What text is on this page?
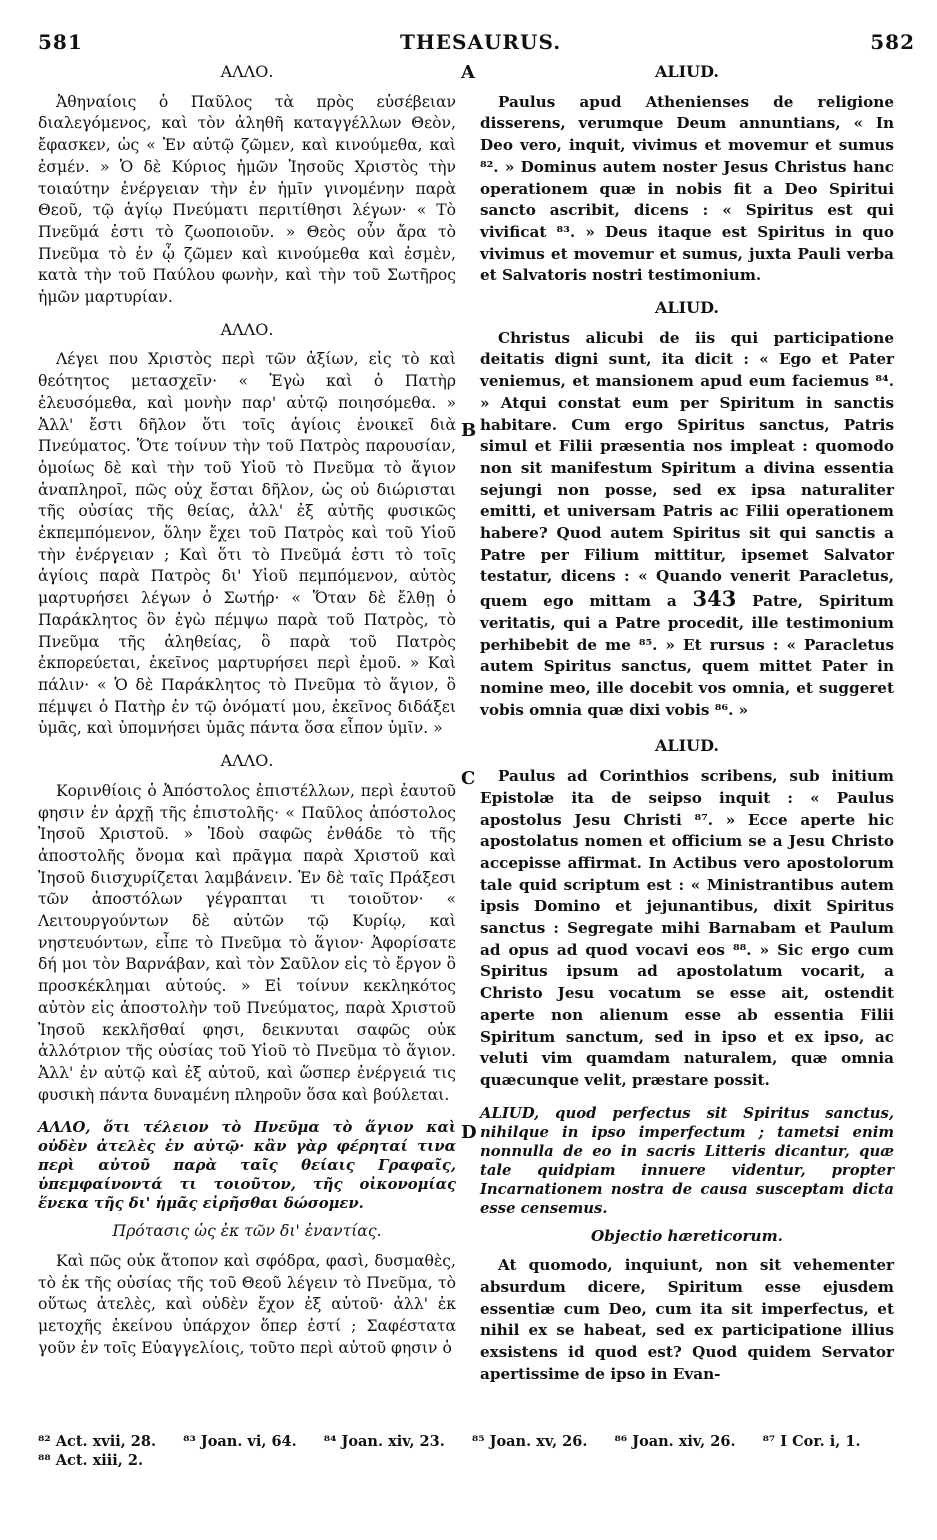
581	THESAURUS.	582
A
B
C
D
ΑΛΛΟ.

Ἀθηναίοις ὁ Παῦλος τὰ πρὸς εὐσέβειαν διαλεγόμενος, καὶ τὸν ἀληθῆ καταγγέλλων Θεὸν, ἔφασκεν, ὡς « Ἐν αὐτῷ ζῶμεν, καὶ κινούμεθα, καὶ ἐσμέν. » Ὁ δὲ Κύριος ἡμῶν Ἰησοῦς Χριστὸς τὴν τοιαύτην ἐνέργειαν τὴν ἐν ἡμῖν γινομένην παρὰ Θεοῦ, τῷ ἁγίῳ Πνεύματι περιτίθησι λέγων· « Τὸ Πνεῦμά ἐστι τὸ ζωοποιοῦν. » Θεὸς οὖν ἄρα τὸ Πνεῦμα τὸ ἐν ᾧ ζῶμεν καὶ κινούμεθα καὶ ἐσμὲν, κατὰ τὴν τοῦ Παύλου φωνὴν, καὶ τὴν τοῦ Σωτῆρος ἡμῶν μαρτυρίαν.

ΑΛΛΟ.

Λέγει που Χριστὸς περὶ τῶν ἀξίων, εἰς τὸ καὶ θεότητος μετασχεῖν· « Ἐγὼ καὶ ὁ Πατὴρ ἐλευσόμεθα, καὶ μονὴν παρ' αὐτῷ ποιησόμεθα. » Ἀλλ' ἔστι δῆλον ὅτι τοῖς ἁγίοις ἐνοικεῖ διὰ Πνεύματος. Ὅτε τοίνυν τὴν τοῦ Πατρὸς παρουσίαν, ὁμοίως δὲ καὶ τὴν τοῦ Υἱοῦ τὸ Πνεῦμα τὸ ἅγιον ἀναπληροῖ, πῶς οὐχ ἔσται δῆλον, ὡς οὐ διώρισται τῆς οὐσίας τῆς θείας, ἀλλ' ἐξ αὐτῆς φυσικῶς ἐκπεμπόμενον, ὅλην ἔχει τοῦ Πατρὸς καὶ τοῦ Υἱοῦ τὴν ἐνέργειαν ; Καὶ ὅτι τὸ Πνεῦμά ἐστι τὸ τοῖς ἁγίοις παρὰ Πατρὸς δι' Υἱοῦ πεμπόμενον, αὐτὸς μαρτυρήσει λέγων ὁ Σωτήρ· « Ὅταν δὲ ἔλθῃ ὁ Παράκλητος ὃν ἐγὼ πέμψω παρὰ τοῦ Πατρὸς, τὸ Πνεῦμα τῆς ἀληθείας, ὃ παρὰ τοῦ Πατρὸς ἐκπορεύεται, ἐκεῖνος μαρτυρήσει περὶ ἐμοῦ. » Καὶ πάλιν· « Ὁ δὲ Παράκλητος τὸ Πνεῦμα τὸ ἅγιον, ὃ πέμψει ὁ Πατὴρ ἐν τῷ ὀνόματί μου, ἐκεῖνος διδάξει ὑμᾶς, καὶ ὑπομνήσει ὑμᾶς πάντα ὅσα εἶπον ὑμῖν. »

ΑΛΛΟ.

Κορινθίοις ὁ Ἀπόστολος ἐπιστέλλων, περὶ ἑαυτοῦ φησιν ἐν ἀρχῇ τῆς ἐπιστολῆς· « Παῦλος ἀπόστολος Ἰησοῦ Χριστοῦ. » Ἰδοὺ σαφῶς ἐνθάδε τὸ τῆς ἀποστολῆς ὄνομα καὶ πρᾶγμα παρὰ Χριστοῦ καὶ Ἰησοῦ διισχυρίζεται λαμβάνειν. Ἐν δὲ ταῖς Πράξεσι τῶν ἀποστόλων γέγραπται τι τοιοῦτον· « Λειτουργούντων δὲ αὐτῶν τῷ Κυρίῳ, καὶ νηστευόντων, εἶπε τὸ Πνεῦμα τὸ ἅγιον· Ἀφορίσατε δή μοι τὸν Βαρνάβαν, καὶ τὸν Σαῦλον εἰς τὸ ἔργον ὃ προσκέκλημαι αὐτούς. » Εἰ τοίνυν κεκληκότος αὐτὸν εἰς ἀποστολὴν τοῦ Πνεύματος, παρὰ Χριστοῦ Ἰησοῦ κεκλῆσθαί φησι, δεικνυται σαφῶς οὐκ ἀλλότριον τῆς οὐσίας τοῦ Υἱοῦ τὸ Πνεῦμα τὸ ἅγιον. Ἀλλ' ἐν αὐτῷ καὶ ἐξ αὐτοῦ, καὶ ὥσπερ ἐνέργειά τις φυσικὴ πάντα δυναμένη πληροῦν ὅσα καὶ βούλεται.

ΑΛΛΟ, ὅτι τέλειον τὸ Πνεῦμα τὸ ἅγιον καὶ οὐδὲν ἀτελὲς ἐν αὐτῷ· κἂν γὰρ φέρηταί τινα περὶ αὐτοῦ παρὰ ταῖς θείαις Γραφαῖς, ὑπεμφαίνοντά τι τοιοῦτον, τῆς οἰκονομίας ἕνεκα τῆς δι' ἡμᾶς εἰρῆσθαι δώσομεν.

Πρότασις ὡς ἐκ τῶν δι' ἐναντίας.

Καὶ πῶς οὐκ ἄτοπον καὶ σφόδρα, φασὶ, δυσμαθὲς, τὸ ἐκ τῆς οὐσίας τῆς τοῦ Θεοῦ λέγειν τὸ Πνεῦμα, τὸ οὕτως ἀτελὲς, καὶ οὐδὲν ἔχον ἐξ αὐτοῦ· ἀλλ' ἐκ μετοχῆς ἐκείνου ὑπάρχον ὅπερ ἐστί ; Σαφέστατα γοῦν ἐν τοῖς Εὐαγγελίοις, τοῦτο περὶ αὐτοῦ φησιν ὁ

ALIUD.

Paulus apud Athenienses de religione disserens, verumque Deum annuntians, « In Deo vero, inquit, vivimus et movemur et sumus ⁸². » Dominus autem noster Jesus Christus hanc operationem quæ in nobis fit a Deo Spiritui sancto ascribit, dicens : « Spiritus est qui vivificat ⁸³. » Deus itaque est Spiritus in quo vivimus et movemur et sumus, juxta Pauli verba et Salvatoris nostri testimonium.

ALIUD.

Christus alicubi de iis qui participatione deitatis digni sunt, ita dicit : « Ego et Pater veniemus, et mansionem apud eum faciemus ⁸⁴. » Atqui constat eum per Spiritum in sanctis habitare. Cum ergo Spiritus sanctus, Patris simul et Filii præsentia nos impleat : quomodo non sit manifestum Spiritum a divina essentia sejungi non posse, sed ex ipsa naturaliter emitti, et universam Patris ac Filii operationem habere? Quod autem Spiritus sit qui sanctis a Patre per Filium mittitur, ipsemet Salvator testatur, dicens : « Quando venerit Paracletus, quem ego mittam a 343 Patre, Spiritum veritatis, qui a Patre procedit, ille testimonium perhibebit de me ⁸⁵. » Et rursus : « Paracletus autem Spiritus sanctus, quem mittet Pater in nomine meo, ille docebit vos omnia, et suggeret vobis omnia quæ dixi vobis ⁸⁶. »

ALIUD.

Paulus ad Corinthios scribens, sub initium Epistolæ ita de seipso inquit : « Paulus apostolus Jesu Christi ⁸⁷. » Ecce aperte hic apostolatus nomen et officium se a Jesu Christo accepisse affirmat. In Actibus vero apostolorum tale quid scriptum est : « Ministrantibus autem ipsis Domino et jejunantibus, dixit Spiritus sanctus : Segregate mihi Barnabam et Paulum ad opus ad quod vocavi eos ⁸⁸. » Sic ergo cum Spiritus ipsum ad apostolatum vocarit, a Christo Jesu vocatum se esse ait, ostendit aperte non alienum esse ab essentia Filii Spiritum sanctum, sed in ipso et ex ipso, ac veluti vim quamdam naturalem, quæ omnia quæcunque velit, præstare possit.

ALIUD, quod perfectus sit Spiritus sanctus, nihilque in ipso imperfectum ; tametsi enim nonnulla de eo in sacris Litteris dicantur, quæ tale quidpiam innuere videntur, propter Incarnationem nostra de causa susceptam dicta esse censemus.

Objectio hæreticorum.

At quomodo, inquiunt, non sit vehementer absurdum dicere, Spiritum esse ejusdem essentiæ cum Deo, cum ita sit imperfectus, et nihil ex se habeat, sed ex participatione illius exsistens id quod est? Quod quidem Servator apertissime de ipso in Evan-

⁸² Act. xvii, 28. ⁸³ Joan. vi, 64. ⁸⁴ Joan. xiv, 23. ⁸⁵ Joan. xv, 26. ⁸⁶ Joan. xiv, 26. ⁸⁷ I Cor. i, 1.
⁸⁸ Act. xiii, 2.
